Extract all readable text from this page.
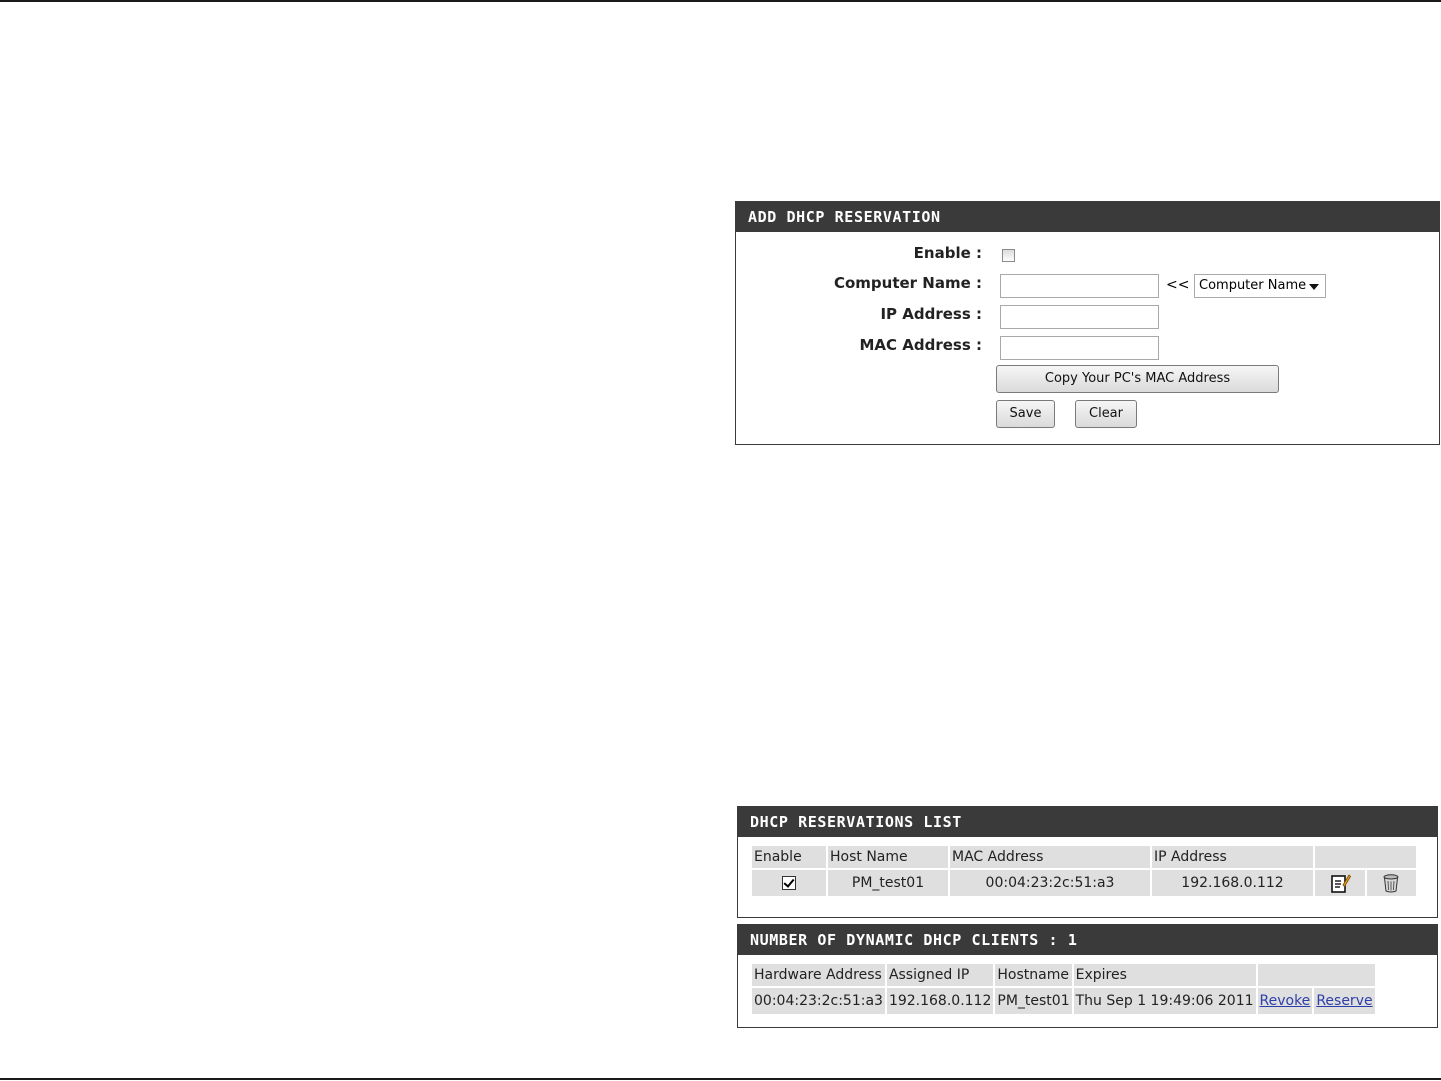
ADD DHCP RESERVATION
Enable :
Computer Name :	<< Computer Name
IP Address :
MAC Address :
Copy Your PC's MAC Address
Save	Clear
DHCP RESERVATIONS LIST
Enable	Host Name	MAC Address	IP Address		
	PM_test01	00:04:23:2c:51:a3	192.168.0.112		
NUMBER OF DYNAMIC DHCP CLIENTS : 1
Hardware Address	Assigned IP	Hostname	Expires		
00:04:23:2c:51:a3	192.168.0.112	PM_test01	Thu Sep 1 19:49:06 2011	Revoke	Reserve
